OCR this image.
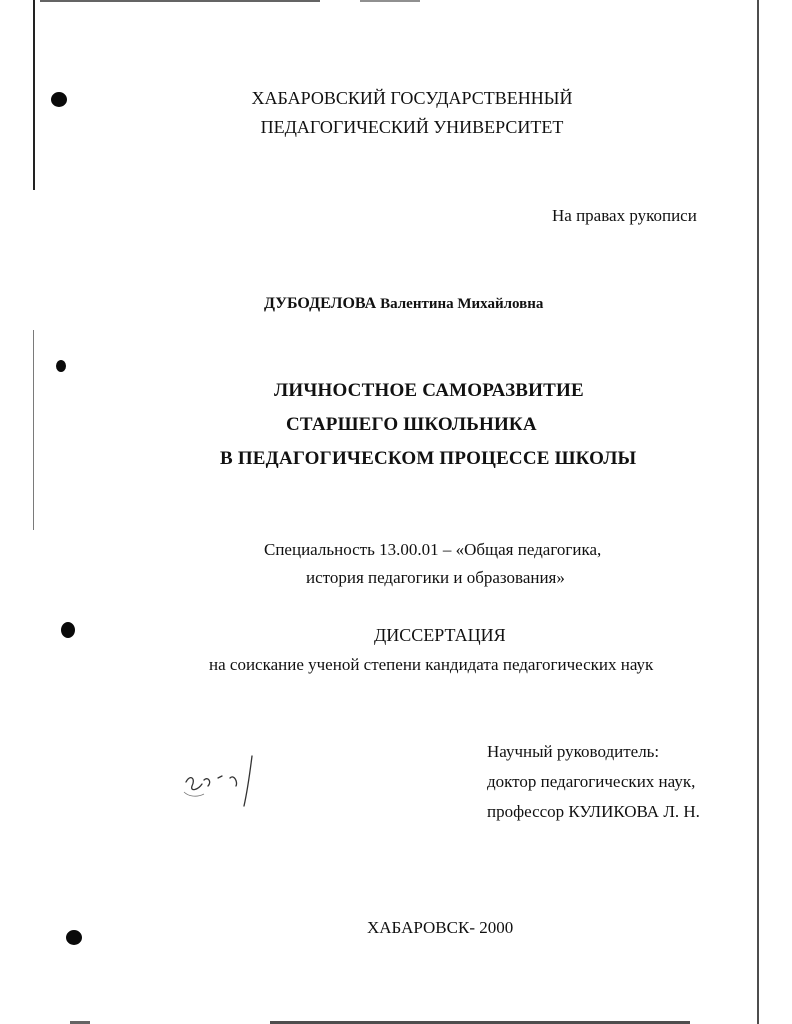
ХАБАРОВСКИЙ ГОСУДАРСТВЕННЫЙ
ПЕДАГОГИЧЕСКИЙ УНИВЕРСИТЕТ
На правах рукописи
ДУБОДЕЛОВА Валентина Михайловна
ЛИЧНОСТНОЕ САМОРАЗВИТИЕ
СТАРШЕГО ШКОЛЬНИКА
В ПЕДАГОГИЧЕСКОМ ПРОЦЕССЕ ШКОЛЫ
Специальность 13.00.01 – «Общая педагогика,
история педагогики и образования»
ДИССЕРТАЦИЯ
на соискание ученой степени кандидата педагогических наук
Научный руководитель:
доктор педагогических наук,
профессор КУЛИКОВА Л. Н.
ХАБАРОВСК- 2000
